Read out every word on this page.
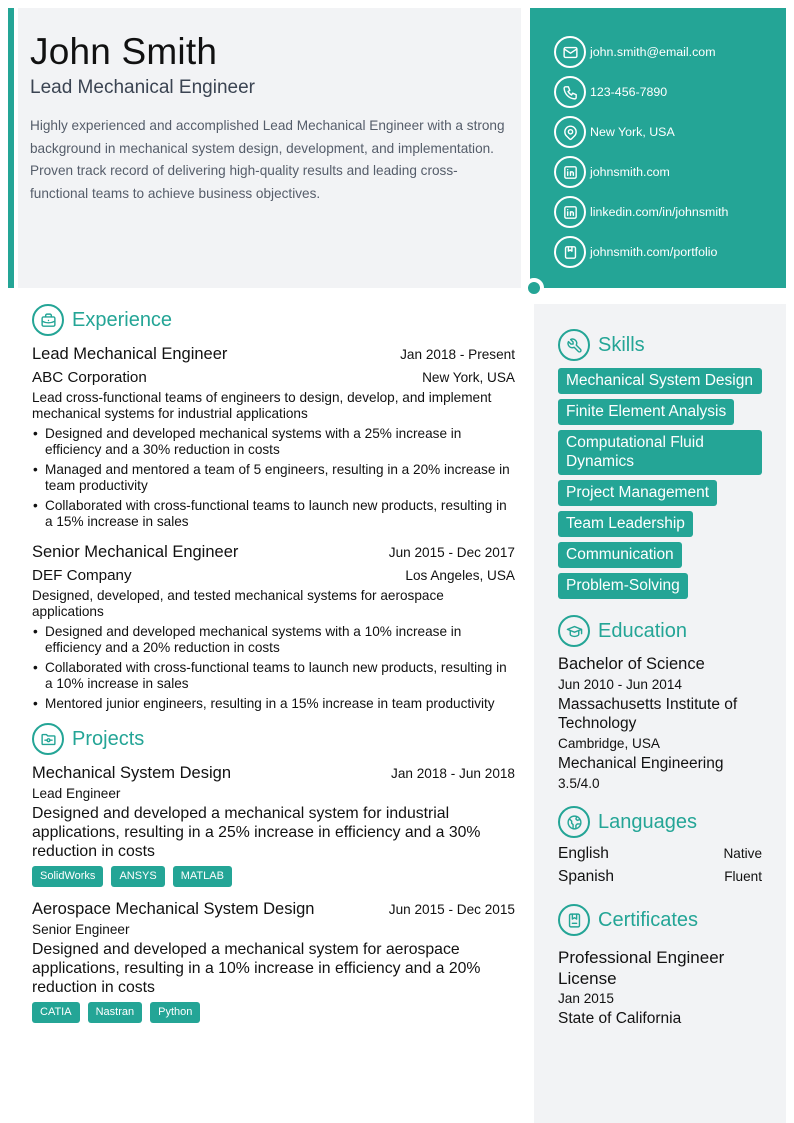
John Smith
Lead Mechanical Engineer
Highly experienced and accomplished Lead Mechanical Engineer with a strong background in mechanical system design, development, and implementation. Proven track record of delivering high-quality results and leading cross-functional teams to achieve business objectives.
john.smith@email.com
123-456-7890
New York, USA
johnsmith.com
linkedin.com/in/johnsmith
johnsmith.com/portfolio
Experience
Lead Mechanical Engineer	Jan 2018 - Present
ABC Corporation	New York, USA
Lead cross-functional teams of engineers to design, develop, and implement mechanical systems for industrial applications
• Designed and developed mechanical systems with a 25% increase in efficiency and a 30% reduction in costs
• Managed and mentored a team of 5 engineers, resulting in a 20% increase in team productivity
• Collaborated with cross-functional teams to launch new products, resulting in a 15% increase in sales
Senior Mechanical Engineer	Jun 2015 - Dec 2017
DEF Company	Los Angeles, USA
Designed, developed, and tested mechanical systems for aerospace applications
• Designed and developed mechanical systems with a 10% increase in efficiency and a 20% reduction in costs
• Collaborated with cross-functional teams to launch new products, resulting in a 10% increase in sales
• Mentored junior engineers, resulting in a 15% increase in team productivity
Projects
Mechanical System Design	Jan 2018 - Jun 2018
Lead Engineer
Designed and developed a mechanical system for industrial applications, resulting in a 25% increase in efficiency and a 30% reduction in costs
SolidWorks	ANSYS	MATLAB
Aerospace Mechanical System Design	Jun 2015 - Dec 2015
Senior Engineer
Designed and developed a mechanical system for aerospace applications, resulting in a 10% increase in efficiency and a 20% reduction in costs
CATIA	Nastran	Python
Skills
Mechanical System Design Finite Element Analysis Computational Fluid Dynamics Project Management Team Leadership Communication Problem-Solving
Education
Bachelor of Science
Jun 2010 - Jun 2014
Massachusetts Institute of Technology
Cambridge, USA
Mechanical Engineering
3.5/4.0
Languages
English	Native
Spanish	Fluent
Certificates
Professional Engineer License
Jan 2015
State of California
